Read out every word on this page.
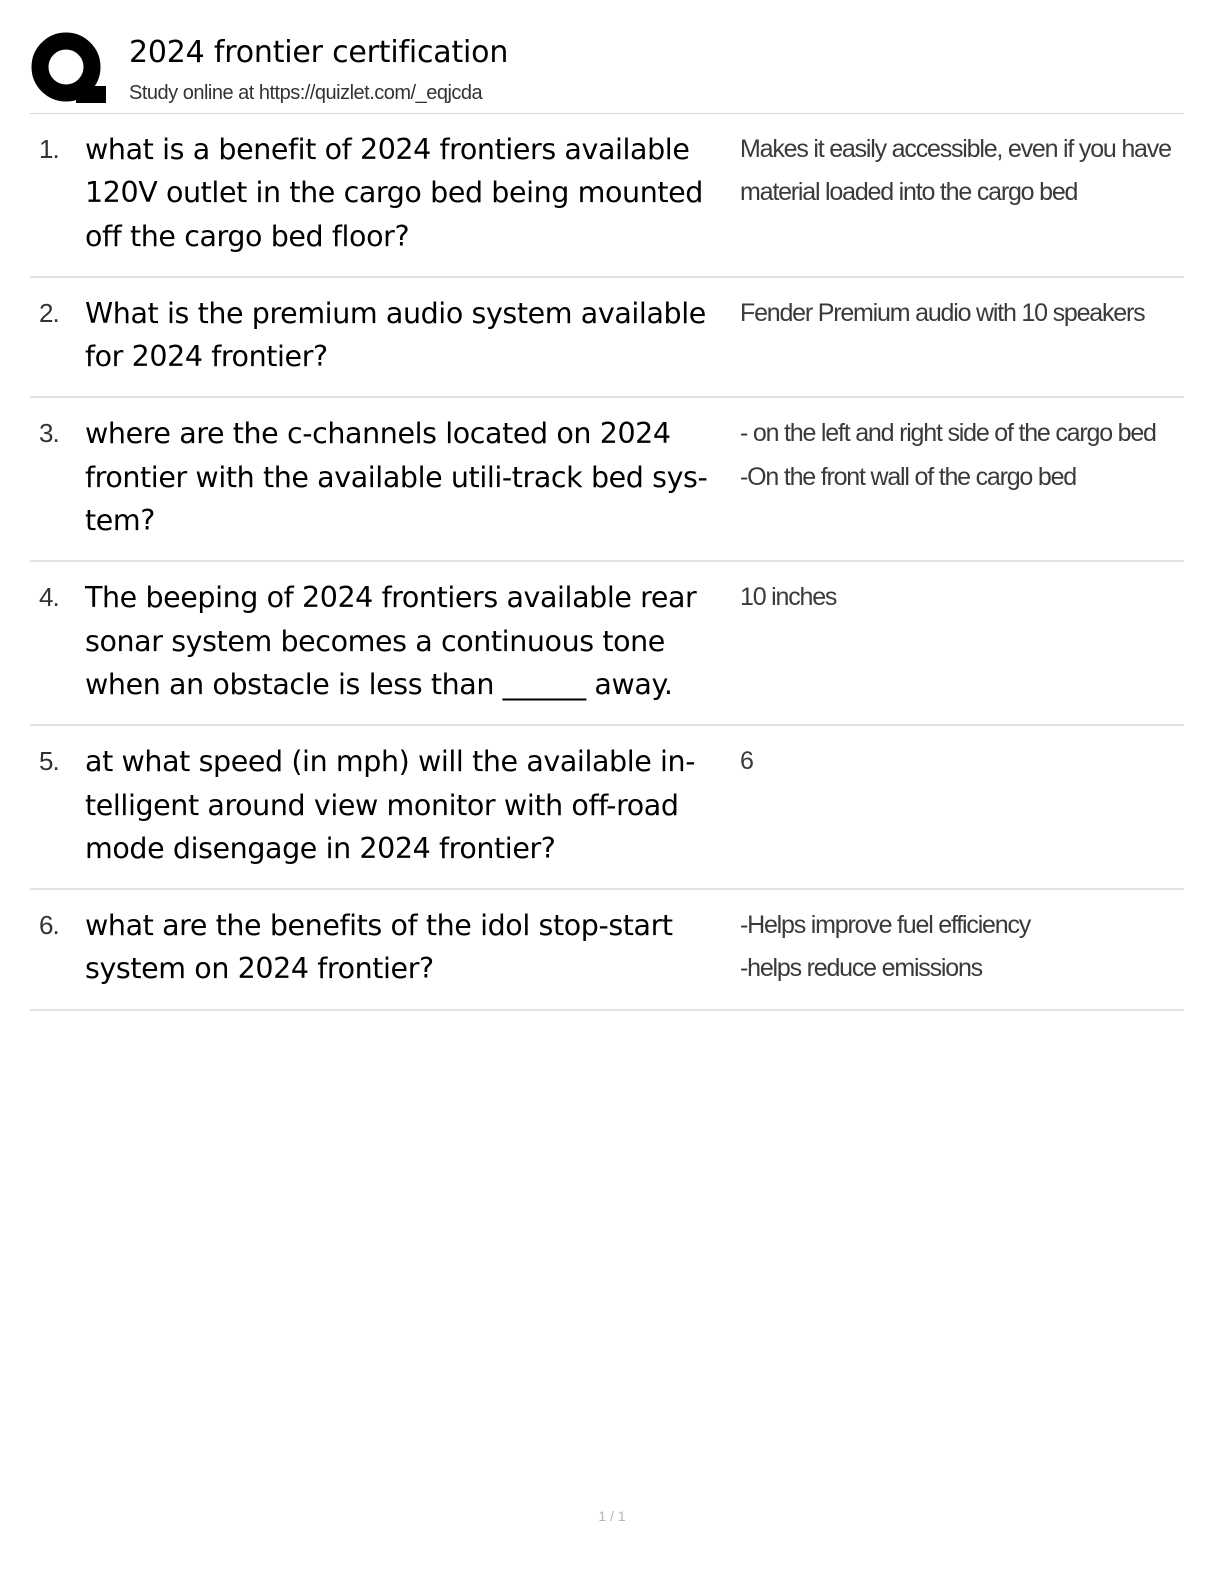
2024 frontier certification
Study online at https://quizlet.com/_eqjcda
1. what is a benefit of 2024 frontiers available 120V outlet in the cargo bed being mounted off the cargo bed floor?
Makes it easily accessible, even if you have material loaded into the cargo bed
2. What is the premium audio system available for 2024 frontier?
Fender Premium audio with 10 speakers
3. where are the c-channels located on 2024 frontier with the available utili-track bed system?
- on the left and right side of the cargo bed
-On the front wall of the cargo bed
4. The beeping of 2024 frontiers available rear sonar system becomes a continuous tone when an obstacle is less than ______ away.
10 inches
5. at what speed (in mph) will the available intelligent around view monitor with off-road mode disengage in 2024 frontier?
6
6. what are the benefits of the idol stop-start system on 2024 frontier?
-Helps improve fuel efficiency
-helps reduce emissions
1 / 1
